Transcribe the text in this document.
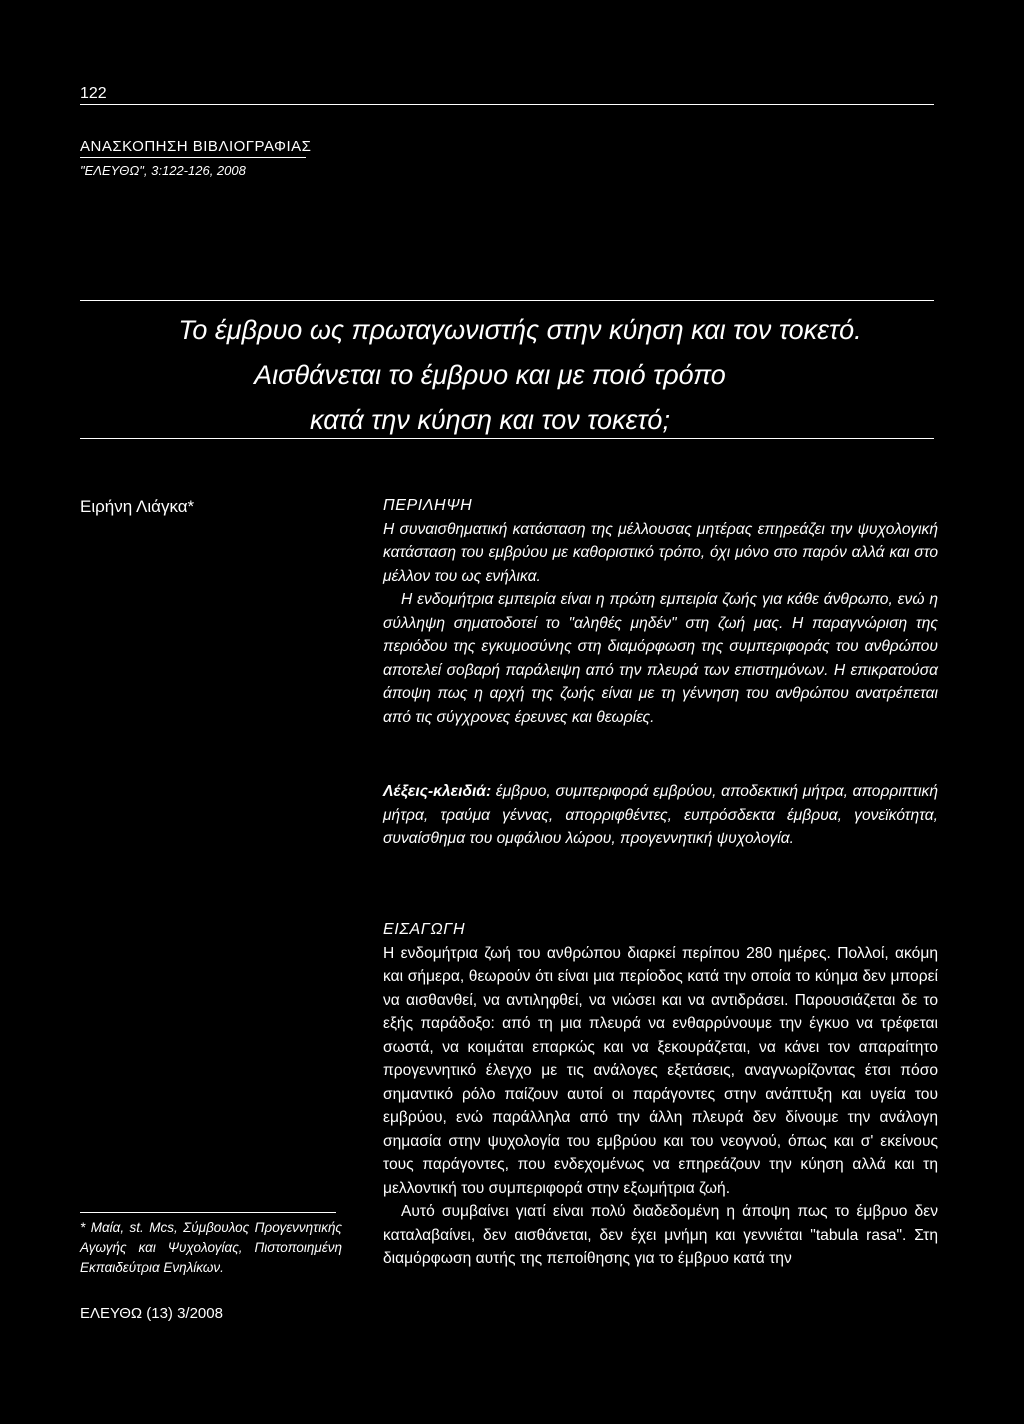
122
ΑΝΑΣΚΟΠΗΣΗ ΒΙΒΛΙΟΓΡΑΦΙΑΣ
"ΕΛΕΥΘΩ", 3:122-126, 2008
Το έμβρυο ως πρωταγωνιστής στην κύηση και τον τοκετό.
Αισθάνεται το έμβρυο και με ποιό τρόπο
κατά την κύηση και τον τοκετό;
Ειρήνη Λιάγκα*	ΠΕΡΙΛΗΨΗ

Η συναισθηματική κατάσταση της μέλλουσας μητέρας επηρεάζει την ψυχολογική κατάσταση του εμβρύου με καθοριστικό τρόπο, όχι μόνο στο παρόν αλλά και στο μέλλον του ως ενήλικα.

Η ενδομήτρια εμπειρία είναι η πρώτη εμπειρία ζωής για κάθε άνθρωπο, ενώ η σύλληψη σηματοδοτεί το "αληθές μηδέν" στη ζωή μας. Η παραγνώριση της περιόδου της εγκυμοσύνης στη διαμόρφωση της συμπεριφοράς του ανθρώπου αποτελεί σοβαρή παράλειψη από την πλευρά των επιστημόνων. Η επικρατούσα άποψη πως η αρχή της ζωής είναι με τη γέννηση του ανθρώπου ανατρέπεται από τις σύγχρονες έρευνες και θεωρίες.

Λέξεις-κλειδιά: έμβρυο, συμπεριφορά εμβρύου, αποδεκτική μήτρα, απορριπτική μήτρα, τραύμα γέννας, απορριφθέντες, ευπρόσδεκτα έμβρυα, γονεϊκότητα, συναίσθημα του ομφάλιου λώρου, προγεννητική ψυχολογία.
ΕΙΣΑΓΩΓΗ

Η ενδομήτρια ζωή του ανθρώπου διαρκεί περίπου 280 ημέρες. Πολλοί, ακόμη και σήμερα, θεωρούν ότι είναι μια περίοδος κατά την οποία το κύημα δεν μπορεί να αισθανθεί, να αντιληφθεί, να νιώσει και να αντιδράσει. Παρουσιάζεται δε το εξής παράδοξο: από τη μια πλευρά να ενθαρρύνουμε την έγκυο να τρέφεται σωστά, να κοιμάται επαρκώς και να ξεκουράζεται, να κάνει τον απαραίτητο προγεννητικό έλεγχο με τις ανάλογες εξετάσεις, αναγνωρίζοντας έτσι πόσο σημαντικό ρόλο παίζουν αυτοί οι παράγοντες στην ανάπτυξη και υγεία του εμβρύου, ενώ παράλληλα από την άλλη πλευρά δεν δίνουμε την ανάλογη σημασία στην ψυχολογία του εμβρύου και του νεογνού, όπως και σ' εκείνους τους παράγοντες, που ενδεχομένως να επηρεάζουν την κύηση αλλά και τη μελλοντική του συμπεριφορά στην εξωμήτρια ζωή.

Αυτό συμβαίνει γιατί είναι πολύ διαδεδομένη η άποψη πως το έμβρυο δεν καταλαβαίνει, δεν αισθάνεται, δεν έχει μνήμη και γεννιέται "tabula rasa". Στη διαμόρφωση αυτής της πεποίθησης για το έμβρυο κατά την

* Μαία, st. Mcs, Σύμβουλος Προγεννητικής Αγωγής και Ψυχολογίας, Πιστοποιημένη Εκπαιδεύτρια Ενηλίκων.
ΕΛΕΥΘΩ (13) 3/2008
